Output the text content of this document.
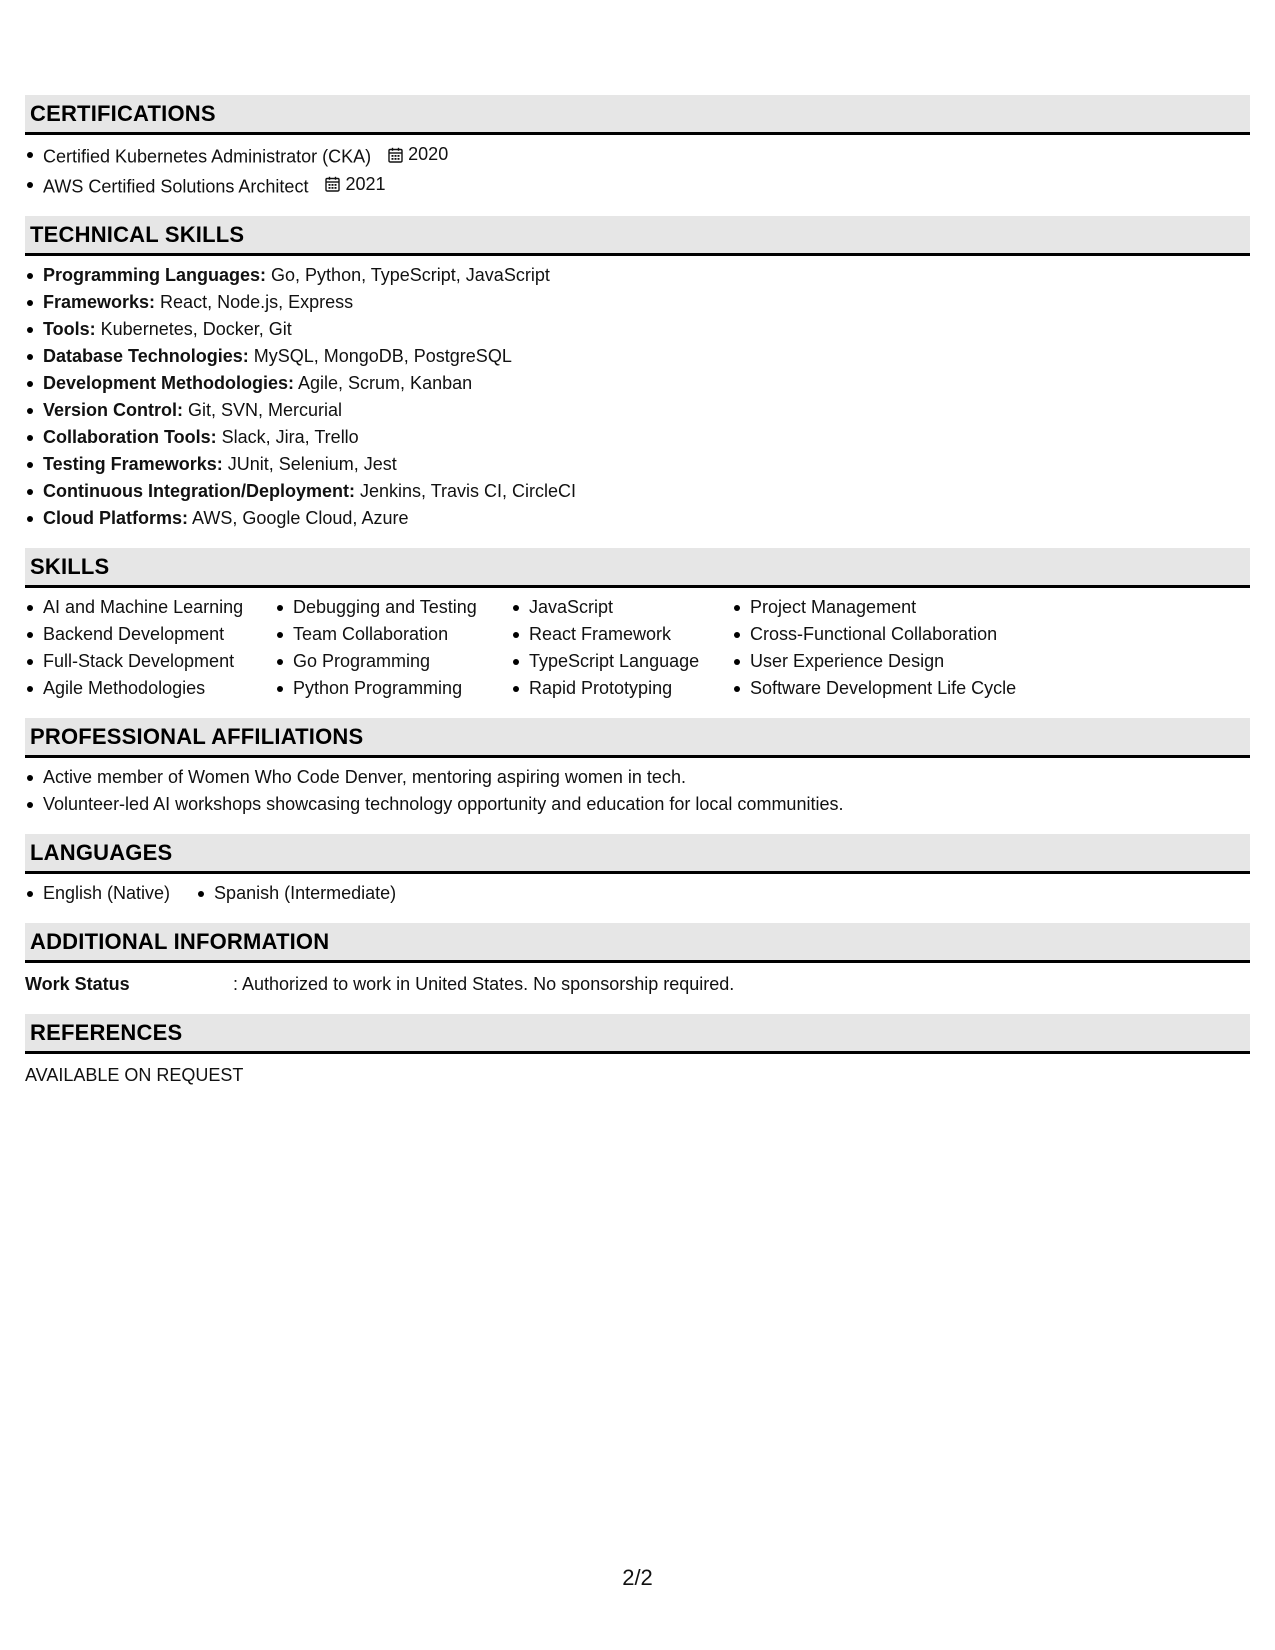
CERTIFICATIONS
Certified Kubernetes Administrator (CKA) 2020
AWS Certified Solutions Architect 2021
TECHNICAL SKILLS
Programming Languages: Go, Python, TypeScript, JavaScript
Frameworks: React, Node.js, Express
Tools: Kubernetes, Docker, Git
Database Technologies: MySQL, MongoDB, PostgreSQL
Development Methodologies: Agile, Scrum, Kanban
Version Control: Git, SVN, Mercurial
Collaboration Tools: Slack, Jira, Trello
Testing Frameworks: JUnit, Selenium, Jest
Continuous Integration/Deployment: Jenkins, Travis CI, CircleCI
Cloud Platforms: AWS, Google Cloud, Azure
SKILLS
AI and Machine Learning
Backend Development
Full-Stack Development
Agile Methodologies
Debugging and Testing
Team Collaboration
Go Programming
Python Programming
JavaScript
React Framework
TypeScript Language
Rapid Prototyping
Project Management
Cross-Functional Collaboration
User Experience Design
Software Development Life Cycle
PROFESSIONAL AFFILIATIONS
Active member of Women Who Code Denver, mentoring aspiring women in tech.
Volunteer-led AI workshops showcasing technology opportunity and education for local communities.
LANGUAGES
English (Native)	Spanish (Intermediate)
ADDITIONAL INFORMATION
Work Status	: Authorized to work in United States. No sponsorship required.
REFERENCES
AVAILABLE ON REQUEST
2/2
